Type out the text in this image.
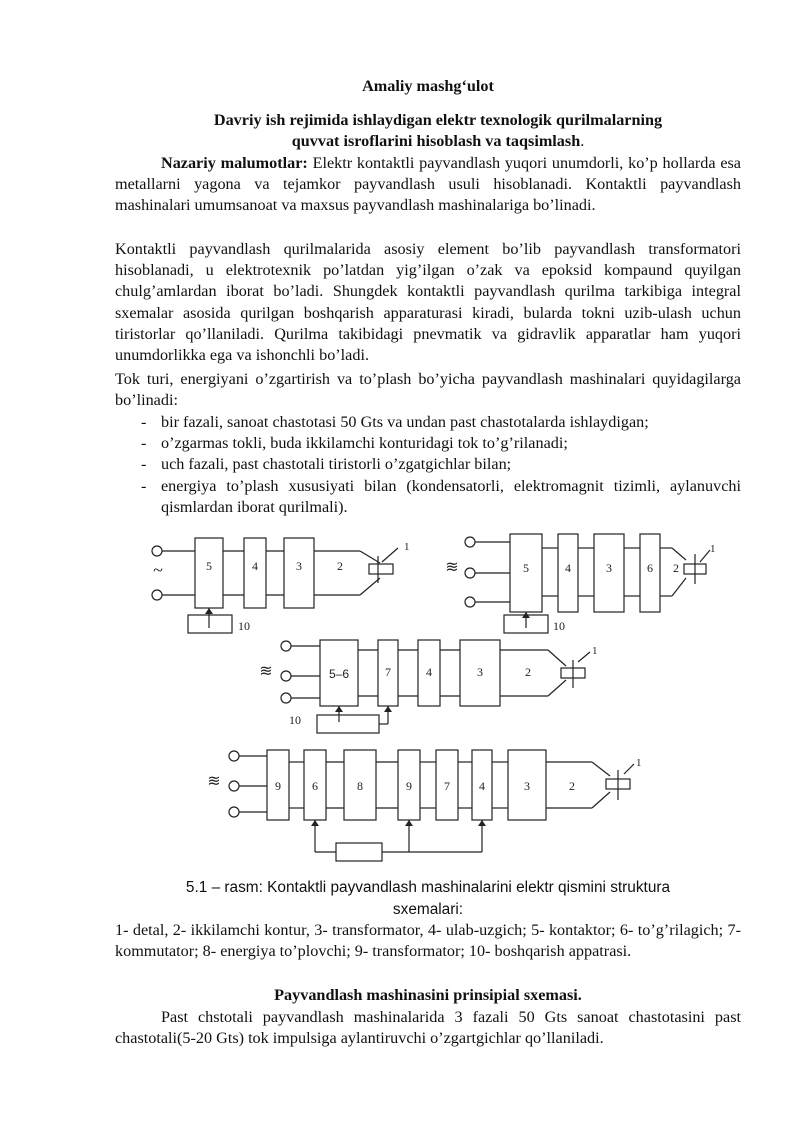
Amaliy mashg‘ulot
Davriy ish rejimida ishlaydigan elektr texnologik qurilmalarning
quvvat isroflarini hisoblash va taqsimlash.
Nazariy malumotlar: Elektr kontaktli payvandlash yuqori unumdorli, ko’p hollarda esa metallarni yagona va tejamkor payvandlash usuli hisoblanadi. Kontaktli payvandlash mashinalari umumsanoat va maxsus payvandlash mashinalariga bo’linadi.
Kontaktli payvandlash qurilmalarida asosiy element bo’lib payvandlash transformatori hisoblanadi, u elektrotexnik po’latdan yig’ilgan o’zak va epoksid kompaund quyilgan chulg’amlardan iborat bo’ladi. Shungdek kontaktli payvandlash qurilma tarkibiga integral sxemalar asosida qurilgan boshqarish apparaturasi kiradi, bularda tokni uzib-ulash uchun tiristorlar qo’llaniladi. Qurilma takibidagi pnevmatik va gidravlik apparatlar ham yuqori unumdorlikka ega va ishonchli bo’ladi.
Tok turi, energiyani o’zgartirish va to’plash bo’yicha payvandlash mashinalari quyidagilarga bo’linadi:
- bir fazali, sanoat chastotasi 50 Gts va undan past chastotalarda ishlaydigan;
- o’zgarmas tokli, buda ikkilamchi konturidagi tok to’g’rilanadi;
- uch fazali, past chastotali tiristorli o’zgatgichlar bilan;
- energiya to’plash xususiyati bilan (kondensatorli, elektromagnit tizimli, aylanuvchi qismlardan iborat qurilmali).
~	5	4	3	2
1
10
≋	5	4	3	6 2
1
10
≋	5–6	7	4	3	2
1
10
≋	9	6	8	9	7 4	3	2
1
5.1 – rasm: Kontaktli payvandlash mashinalarini elektr qismini struktura
sxemalari:
1- detal, 2- ikkilamchi kontur, 3- transformator, 4- ulab-uzgich; 5- kontaktor; 6- to’g’rilagich; 7- kommutator; 8- energiya to’plovchi; 9- transformator; 10- boshqarish appatrasi.
Payvandlash mashinasini prinsipial sxemasi.
Past chstotali payvandlash mashinalarida 3 fazali 50 Gts sanoat chastotasini past chastotali(5-20 Gts) tok impulsiga aylantiruvchi o’zgartgichlar qo’llaniladi.
